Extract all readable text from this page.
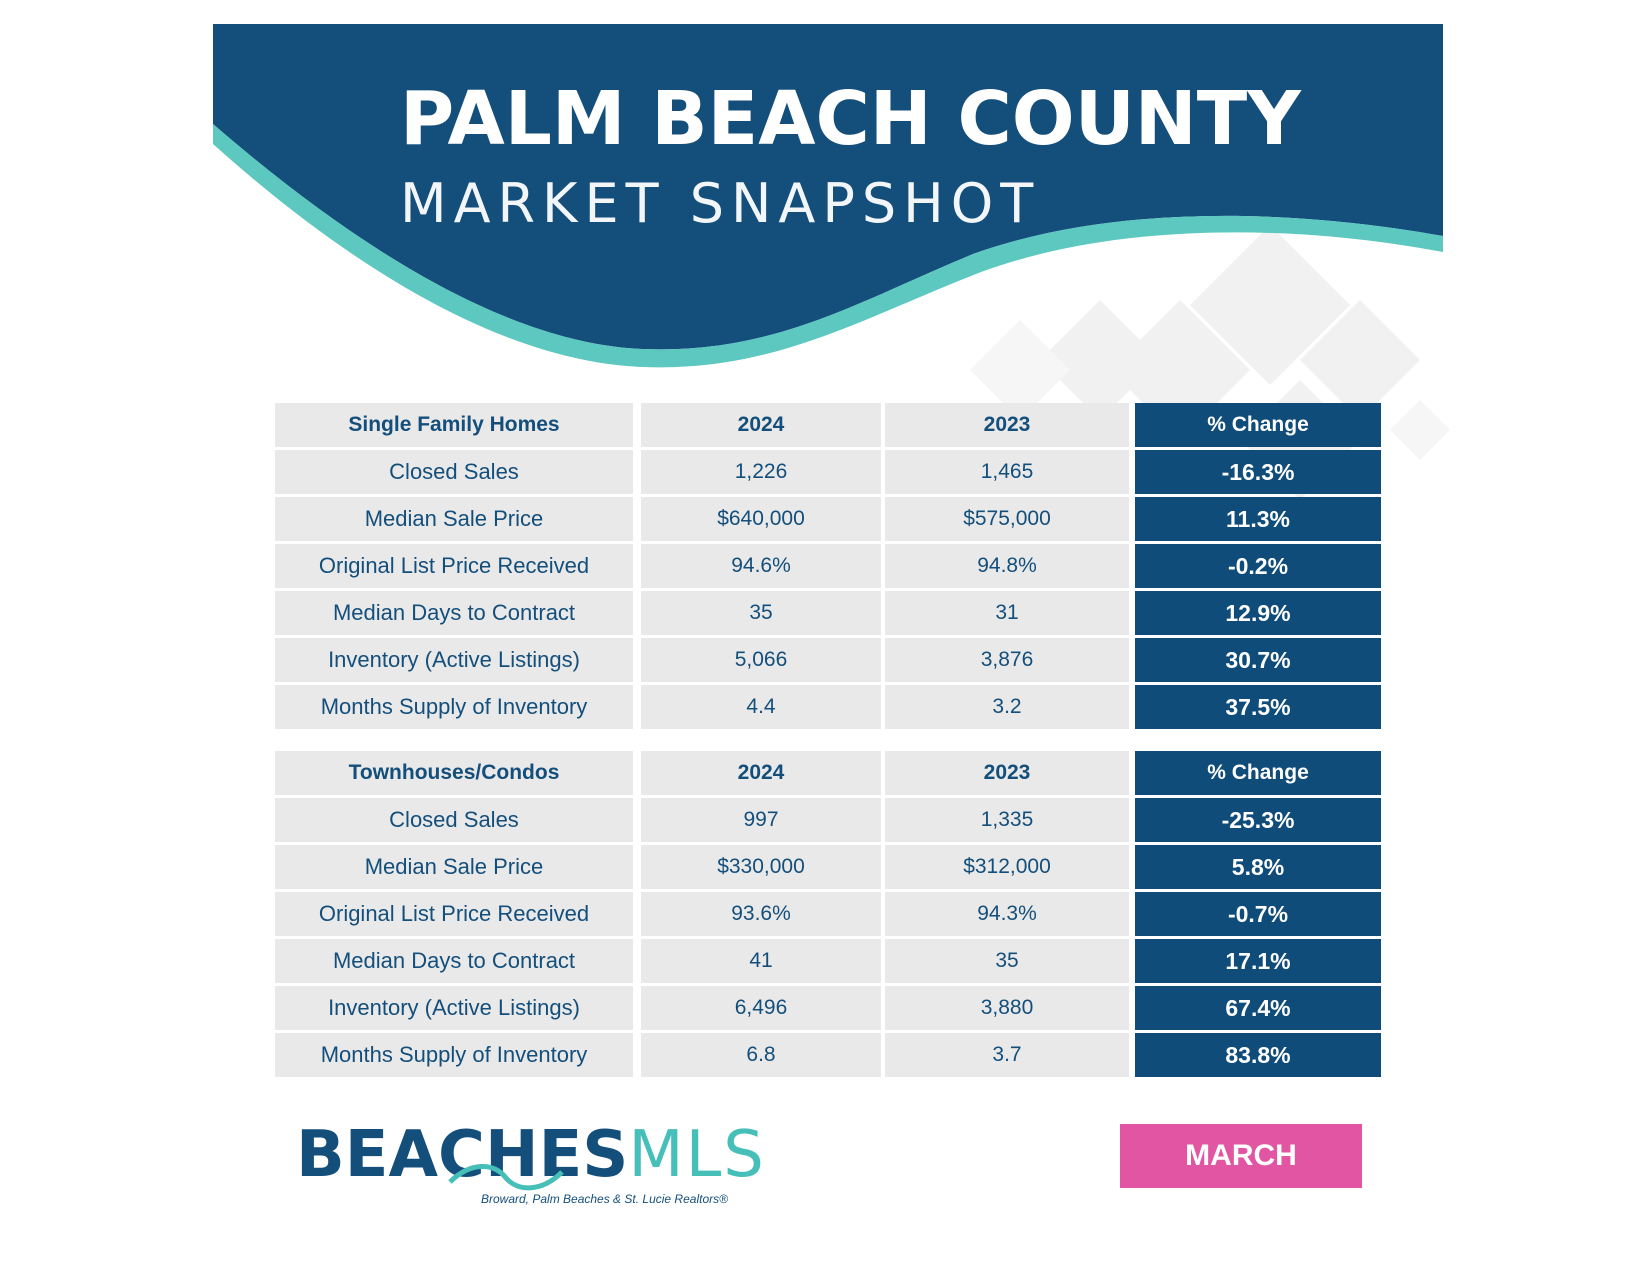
PALM BEACH COUNTY
MARKET SNAPSHOT
Single Family Homes	2024	2023	% Change
Closed Sales	1,226	1,465	-16.3%
Median Sale Price	$640,000	$575,000	11.3%
Original List Price Received	94.6%	94.8%	-0.2%
Median Days to Contract	35	31	12.9%
Inventory (Active Listings)	5,066	3,876	30.7%
Months Supply of Inventory	4.4	3.2	37.5%
Townhouses/Condos	2024	2023	% Change
Closed Sales	997	1,335	-25.3%
Median Sale Price	$330,000	$312,000	5.8%
Original List Price Received	93.6%	94.3%	-0.7%
Median Days to Contract	41	35	17.1%
Inventory (Active Listings)	6,496	3,880	67.4%
Months Supply of Inventory	6.8	3.7	83.8%
BEACHESMLS
Broward, Palm Beaches & St. Lucie Realtors®
MARCH
